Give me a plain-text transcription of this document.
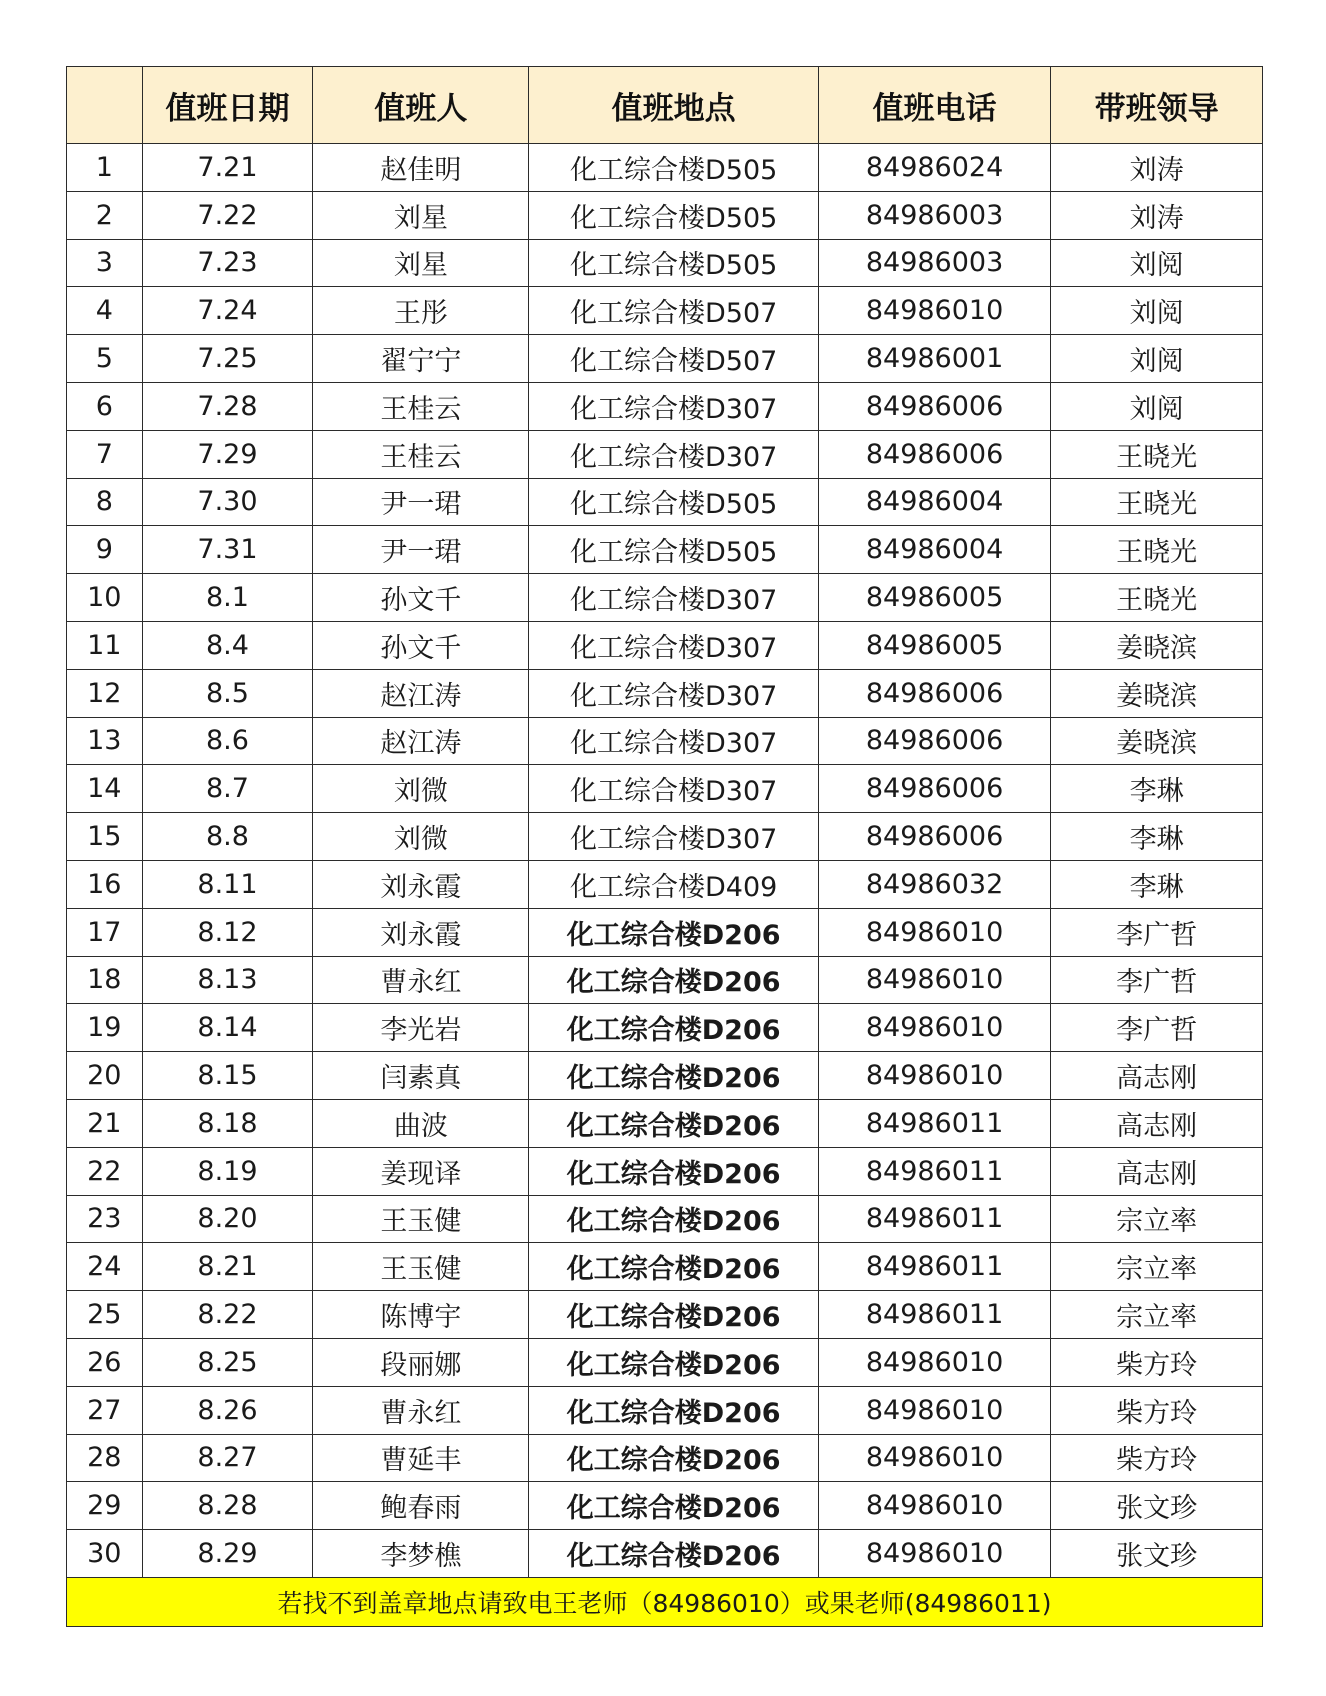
	值班日期	值班人	值班地点	值班电话	带班领导
1	7.21	赵佳明	化工综合楼D505	84986024	刘涛
2	7.22	刘星	化工综合楼D505	84986003	刘涛
3	7.23	刘星	化工综合楼D505	84986003	刘阅
4	7.24	王彤	化工综合楼D507	84986010	刘阅
5	7.25	翟宁宁	化工综合楼D507	84986001	刘阅
6	7.28	王桂云	化工综合楼D307	84986006	刘阅
7	7.29	王桂云	化工综合楼D307	84986006	王晓光
8	7.30	尹一珺	化工综合楼D505	84986004	王晓光
9	7.31	尹一珺	化工综合楼D505	84986004	王晓光
10	8.1	孙文千	化工综合楼D307	84986005	王晓光
11	8.4	孙文千	化工综合楼D307	84986005	姜晓滨
12	8.5	赵江涛	化工综合楼D307	84986006	姜晓滨
13	8.6	赵江涛	化工综合楼D307	84986006	姜晓滨
14	8.7	刘微	化工综合楼D307	84986006	李琳
15	8.8	刘微	化工综合楼D307	84986006	李琳
16	8.11	刘永霞	化工综合楼D409	84986032	李琳
17	8.12	刘永霞	化工综合楼D206	84986010	李广哲
18	8.13	曹永红	化工综合楼D206	84986010	李广哲
19	8.14	李光岩	化工综合楼D206	84986010	李广哲
20	8.15	闫素真	化工综合楼D206	84986010	高志刚
21	8.18	曲波	化工综合楼D206	84986011	高志刚
22	8.19	姜现译	化工综合楼D206	84986011	高志刚
23	8.20	王玉健	化工综合楼D206	84986011	宗立率
24	8.21	王玉健	化工综合楼D206	84986011	宗立率
25	8.22	陈博宇	化工综合楼D206	84986011	宗立率
26	8.25	段丽娜	化工综合楼D206	84986010	柴方玲
27	8.26	曹永红	化工综合楼D206	84986010	柴方玲
28	8.27	曹延丰	化工综合楼D206	84986010	柴方玲
29	8.28	鲍春雨	化工综合楼D206	84986010	张文珍
30	8.29	李梦樵	化工综合楼D206	84986010	张文珍
若找不到盖章地点请致电王老师（84986010）或果老师(84986011)					
